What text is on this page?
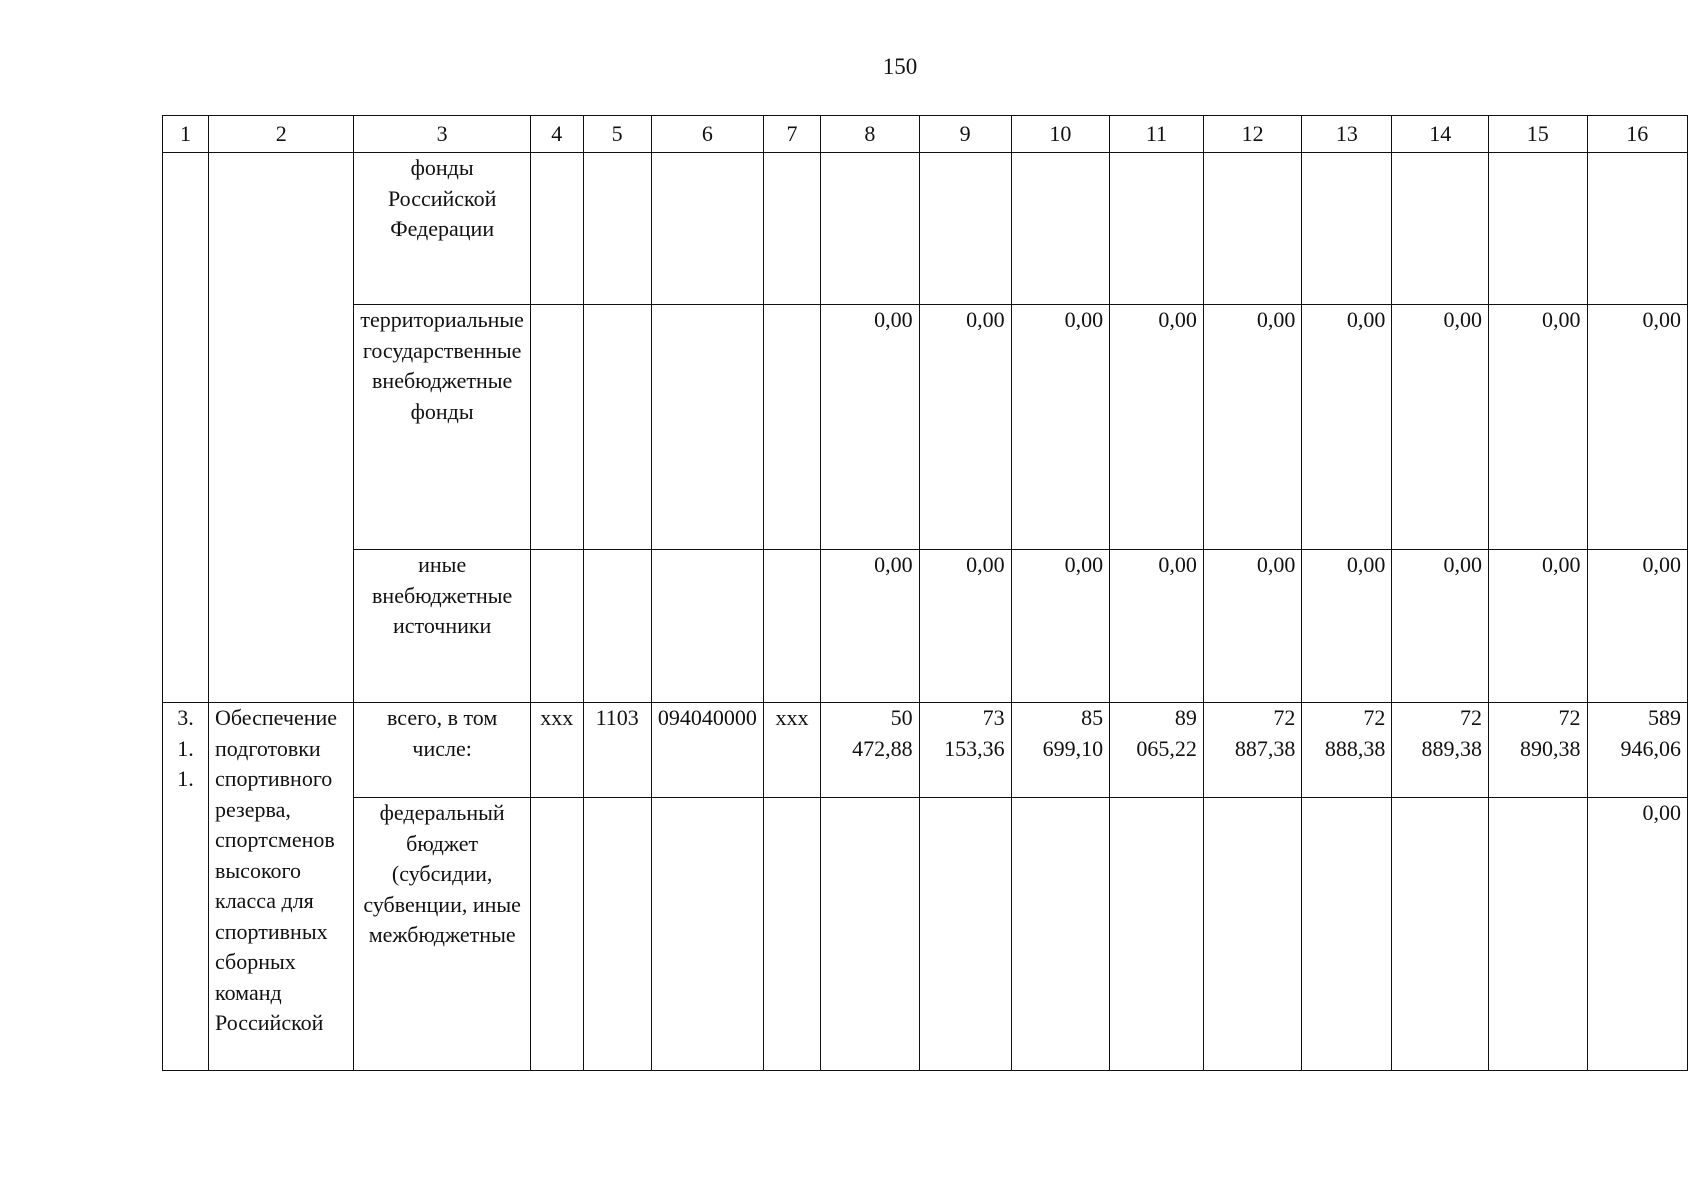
150
1	2	3	4	5	6	7	8	9	10	11	12	13	14	15	16
		фонды Российской Федерации													
		территориальные государственные внебюджетные фонды					0,00	0,00	0,00	0,00	0,00	0,00	0,00	0,00	0,00
		иные внебюджетные источники					0,00	0,00	0,00	0,00	0,00	0,00	0,00	0,00	0,00
3. 1. 1.	Обеспечение подготовки спортивного резерва, спортсменов высокого класса для спортивных сборных команд Российской	всего, в том числе:	ххх	1103	094040000	ххх	50 472,88	73 153,36	85 699,10	89 065,22	72 887,38	72 888,38	72 889,38	72 890,38	589 946,06
		федеральный бюджет (субсидии, субвенции, иные межбюджетные													0,00
